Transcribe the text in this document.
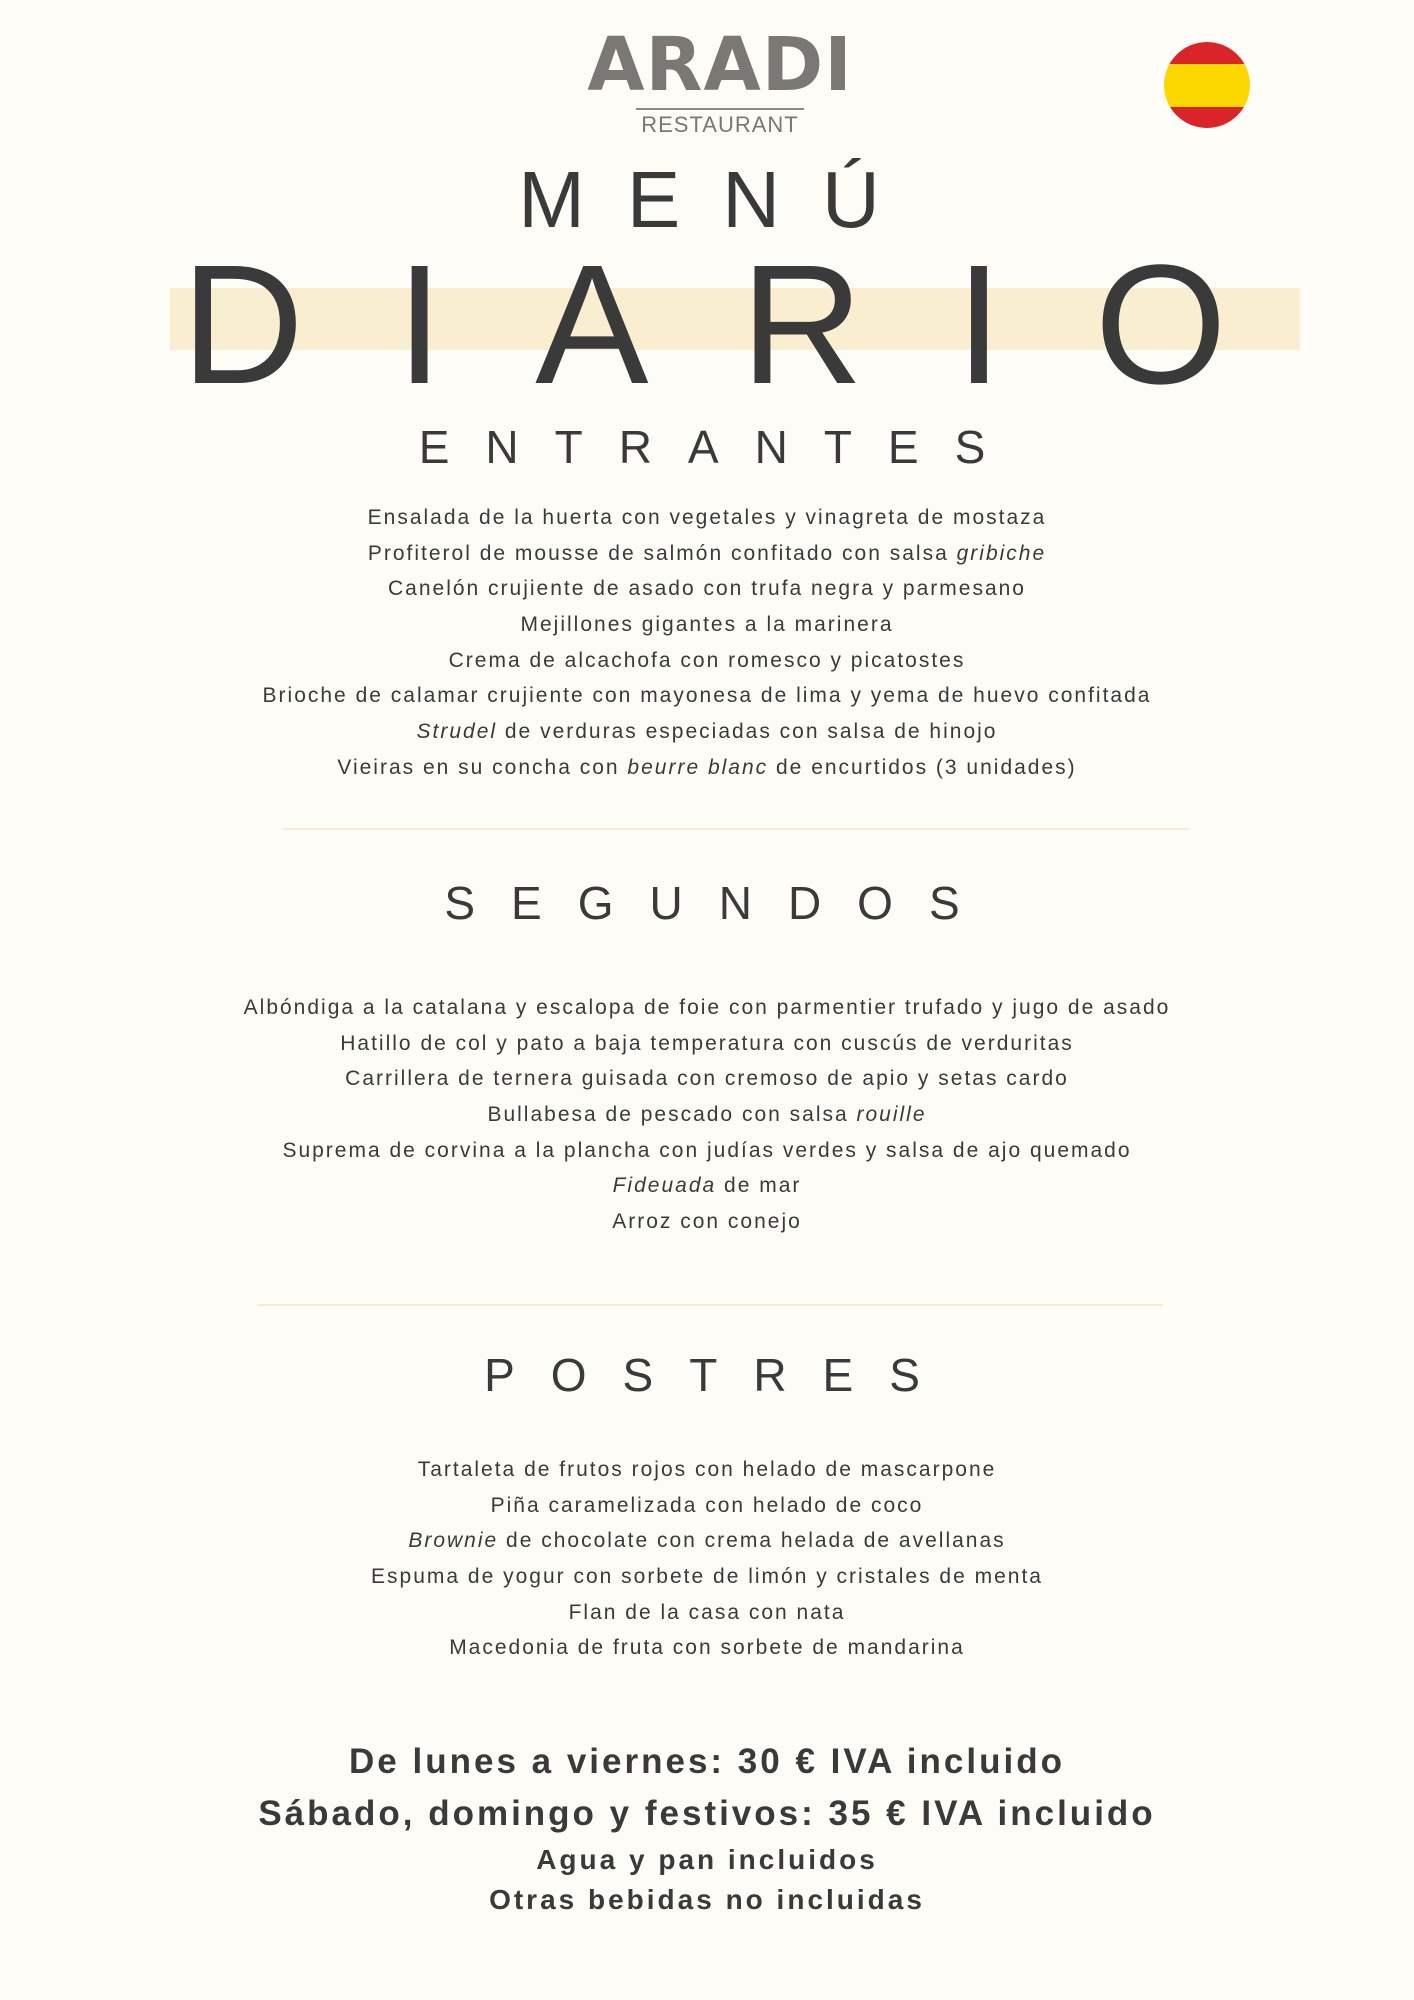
ARADI
RESTAURANT
MENÚ
DIARIO
ENTRANTES
Ensalada de la huerta con vegetales y vinagreta de mostaza
Profiterol de mousse de salmón confitado con salsa gribiche
Canelón crujiente de asado con trufa negra y parmesano
Mejillones gigantes a la marinera
Crema de alcachofa con romesco y picatostes
Brioche de calamar crujiente con mayonesa de lima y yema de huevo confitada
Strudel de verduras especiadas con salsa de hinojo
Vieiras en su concha con beurre blanc de encurtidos (3 unidades)
SEGUNDOS
Albóndiga a la catalana y escalopa de foie con parmentier trufado y jugo de asado
Hatillo de col y pato a baja temperatura con cuscús de verduritas
Carrillera de ternera guisada con cremoso de apio y setas cardo
Bullabesa de pescado con salsa rouille
Suprema de corvina a la plancha con judías verdes y salsa de ajo quemado
Fideuada de mar
Arroz con conejo
POSTRES
Tartaleta de frutos rojos con helado de mascarpone
Piña caramelizada con helado de coco
Brownie de chocolate con crema helada de avellanas
Espuma de yogur con sorbete de limón y cristales de menta
Flan de la casa con nata
Macedonia de fruta con sorbete de mandarina
De lunes a viernes: 30 € IVA incluido
Sábado, domingo y festivos: 35 € IVA incluido
Agua y pan incluidos
Otras bebidas no incluidas
